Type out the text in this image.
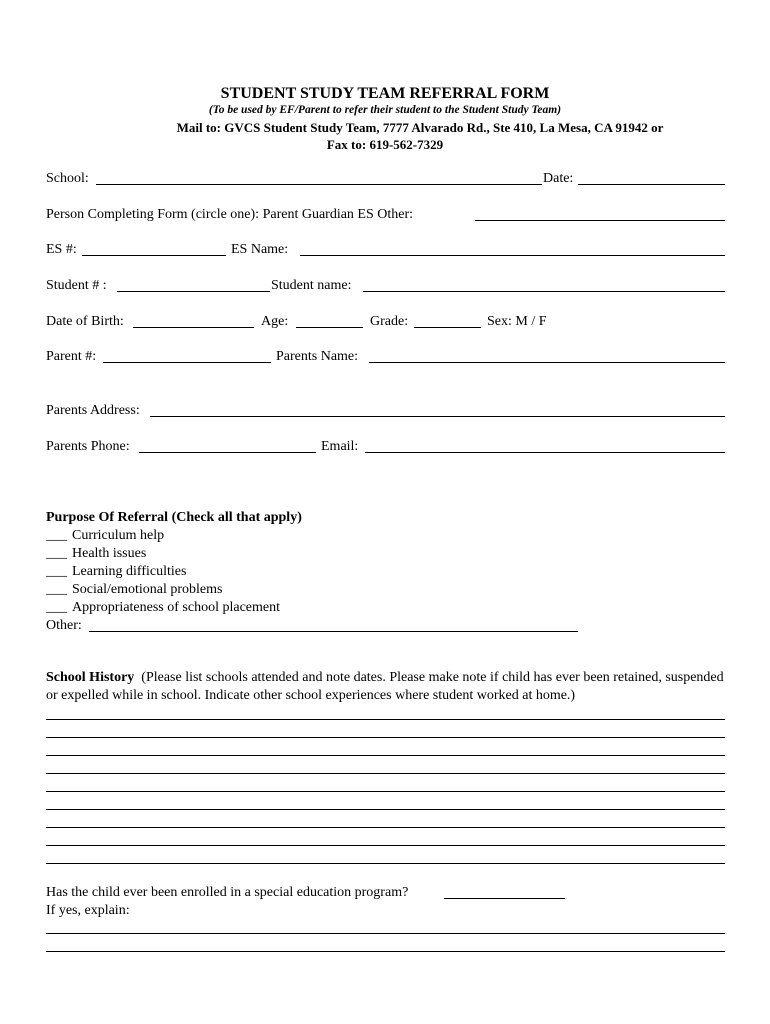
STUDENT STUDY TEAM REFERRAL FORM
(To be used by EF/Parent to refer their student to the Student Study Team)
Mail to: GVCS Student Study Team, 7777 Alvarado Rd., Ste 410, La Mesa, CA 91942 or
Fax to: 619-562-7329
School:	Date:
Person Completing Form (circle one): Parent Guardian ES Other:
ES #:	ES Name:
Student # :	Student name:
Date of Birth:	Age:	Grade:	Sex: M / F
Parent #:	Parents Name:
Parents Address:
Parents Phone:	Email:
Purpose Of Referral (Check all that apply)
___ Curriculum help
___ Health issues
___ Learning difficulties
___ Social/emotional problems
___ Appropriateness of school placement
Other:
School History (Please list schools attended and note dates. Please make note if child has ever been retained, suspended or expelled while in school. Indicate other school experiences where student worked at home.)
Has the child ever been enrolled in a special education program?
If yes, explain:
